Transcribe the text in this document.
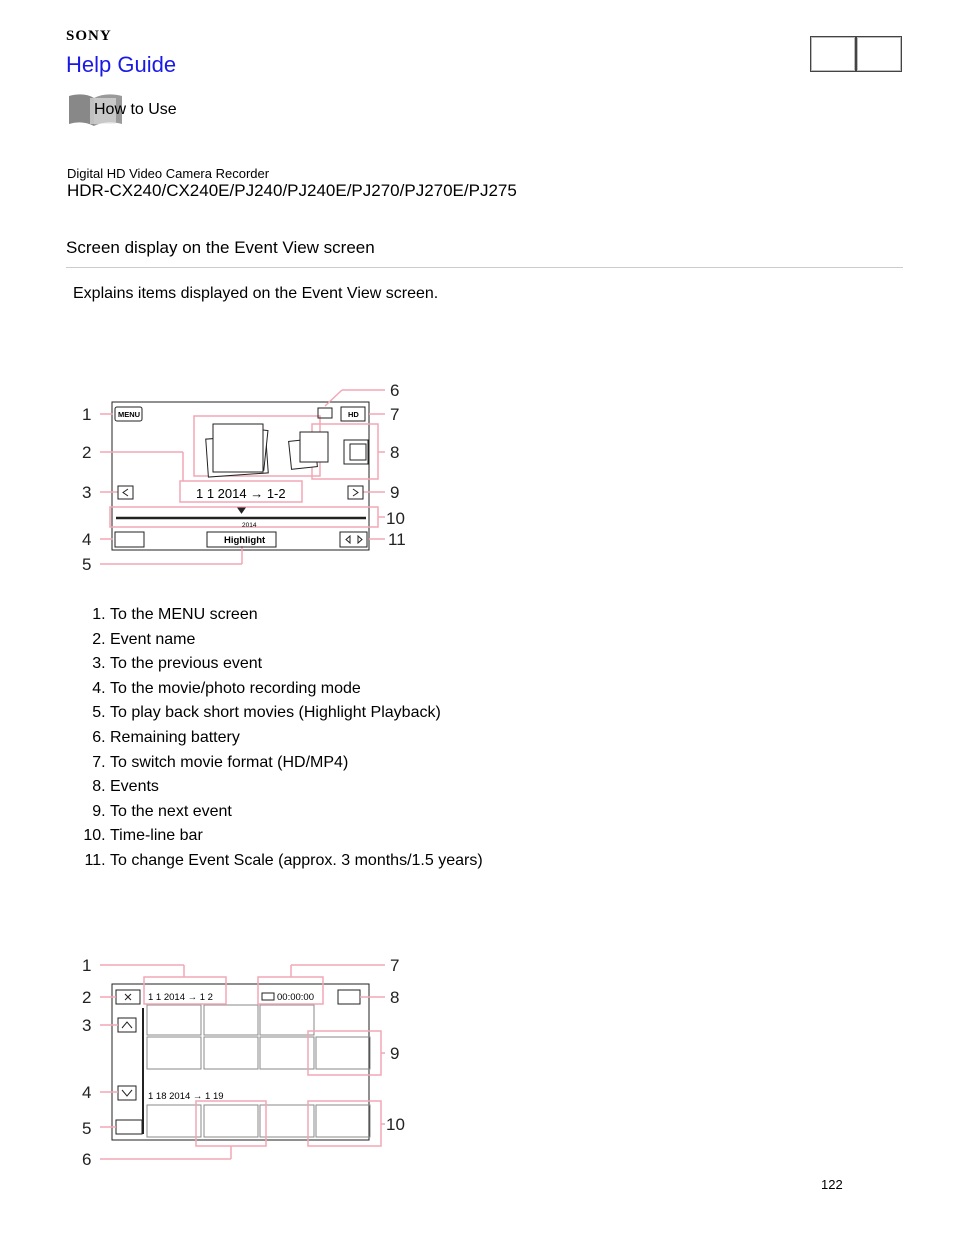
SONY
Help Guide
How to Use
Digital HD Video Camera Recorder
HDR-CX240/CX240E/PJ240/PJ240E/PJ270/PJ270E/PJ275
Screen display on the Event View screen
Explains items displayed on the Event View screen.
1
2
3
4
5
6
7
8
9
10
11
MENU	HD
1 1 2014 → 1-2
2014
Highlight
1
2
3
4
5
6
7
8
9
10
1 1 2014 → 1 2	00:00:00
1 18 2014 → 1 19
1. To the MENU screen
2. Event name
3. To the previous event
4. To the movie/photo recording mode
5. To play back short movies (Highlight Playback)
6. Remaining battery
7. To switch movie format (HD/MP4)
8. Events
9. To the next event
10. Time-line bar
11. To change Event Scale (approx. 3 months/1.5 years)
122
